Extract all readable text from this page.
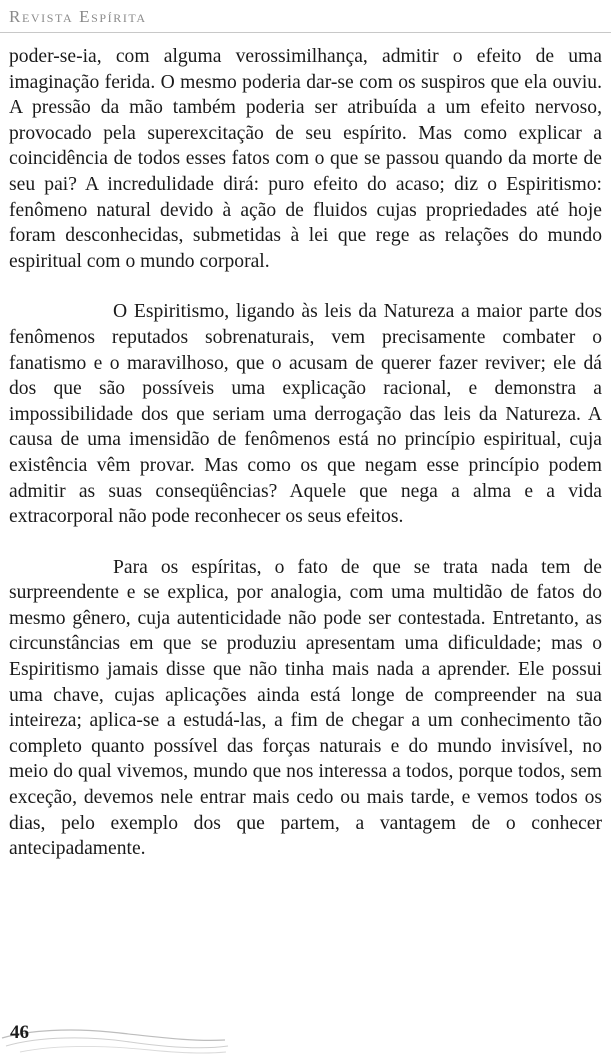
Revista Espírita

poder-se-ia, com alguma verossimilhança, admitir o efeito de uma imaginação ferida. O mesmo poderia dar-se com os suspiros que ela ouviu. A pressão da mão também poderia ser atribuída a um efeito nervoso, provocado pela superexcitação de seu espírito. Mas como explicar a coincidência de todos esses fatos com o que se passou quando da morte de seu pai? A incredulidade dirá: puro efeito do acaso; diz o Espiritismo: fenômeno natural devido à ação de fluidos cujas propriedades até hoje foram desconhecidas, submetidas à lei que rege as relações do mundo espiritual com o mundo corporal.

O Espiritismo, ligando às leis da Natureza a maior parte dos fenômenos reputados sobrenaturais, vem precisamente combater o fanatismo e o maravilhoso, que o acusam de querer fazer reviver; ele dá dos que são possíveis uma explicação racional, e demonstra a impossibilidade dos que seriam uma derrogação das leis da Natureza. A causa de uma imensidão de fenômenos está no princípio espiritual, cuja existência vêm provar. Mas como os que negam esse princípio podem admitir as suas conseqüências? Aquele que nega a alma e a vida extracorporal não pode reconhecer os seus efeitos.

Para os espíritas, o fato de que se trata nada tem de surpreendente e se explica, por analogia, com uma multidão de fatos do mesmo gênero, cuja autenticidade não pode ser contestada. Entretanto, as circunstâncias em que se produziu apresentam uma dificuldade; mas o Espiritismo jamais disse que não tinha mais nada a aprender. Ele possui uma chave, cujas aplicações ainda está longe de compreender na sua inteireza; aplica-se a estudá-las, a fim de chegar a um conhecimento tão completo quanto possível das forças naturais e do mundo invisível, no meio do qual vivemos, mundo que nos interessa a todos, porque todos, sem exceção, devemos nele entrar mais cedo ou mais tarde, e vemos todos os dias, pelo exemplo dos que partem, a vantagem de o conhecer antecipadamente.

46
